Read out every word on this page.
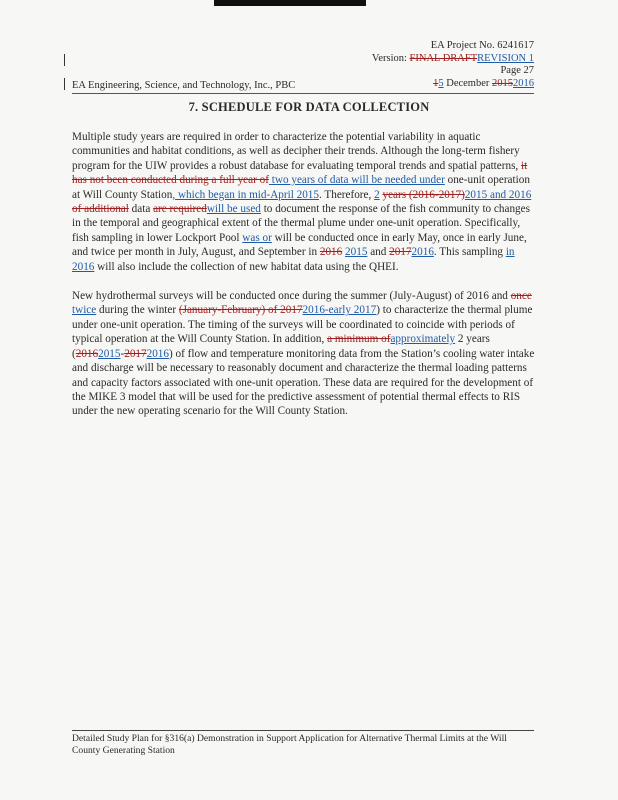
EA Project No. 6241617
Version: FINAL DRAFTREVISION 1
Page 27
15 December 20152016
EA Engineering, Science, and Technology, Inc., PBC
7. SCHEDULE FOR DATA COLLECTION

Multiple study years are required in order to characterize the potential variability in aquatic communities and habitat conditions, as well as decipher their trends. Although the long-term fishery program for the UIW provides a robust database for evaluating temporal trends and spatial patterns, it has not been conducted during a full year of two years of data will be needed under one-unit operation at Will County Station, which began in mid-April 2015. Therefore, 2 years (2016-2017)2015 and 2016 of additional data are requiredwill be used to document the response of the fish community to changes in the temporal and geographical extent of the thermal plume under one-unit operation. Specifically, fish sampling in lower Lockport Pool was or will be conducted once in early May, once in early June, and twice per month in July, August, and September in 2016 2015 and 20172016. This sampling in 2016 will also include the collection of new habitat data using the QHEI.

New hydrothermal surveys will be conducted once during the summer (July-August) of 2016 and once twice during the winter (January-February) of 20172016-early 2017) to characterize the thermal plume under one-unit operation. The timing of the surveys will be coordinated to coincide with periods of typical operation at the Will County Station. In addition, a minimum ofapproximately 2 years (20162015-20172016) of flow and temperature monitoring data from the Station’s cooling water intake and discharge will be necessary to reasonably document and characterize the thermal loading patterns and capacity factors associated with one-unit operation. These data are required for the development of the MIKE 3 model that will be used for the predictive assessment of potential thermal effects to RIS under the new operating scenario for the Will County Station.

Detailed Study Plan for §316(a) Demonstration in Support Application for Alternative Thermal Limits at the Will County Generating Station
